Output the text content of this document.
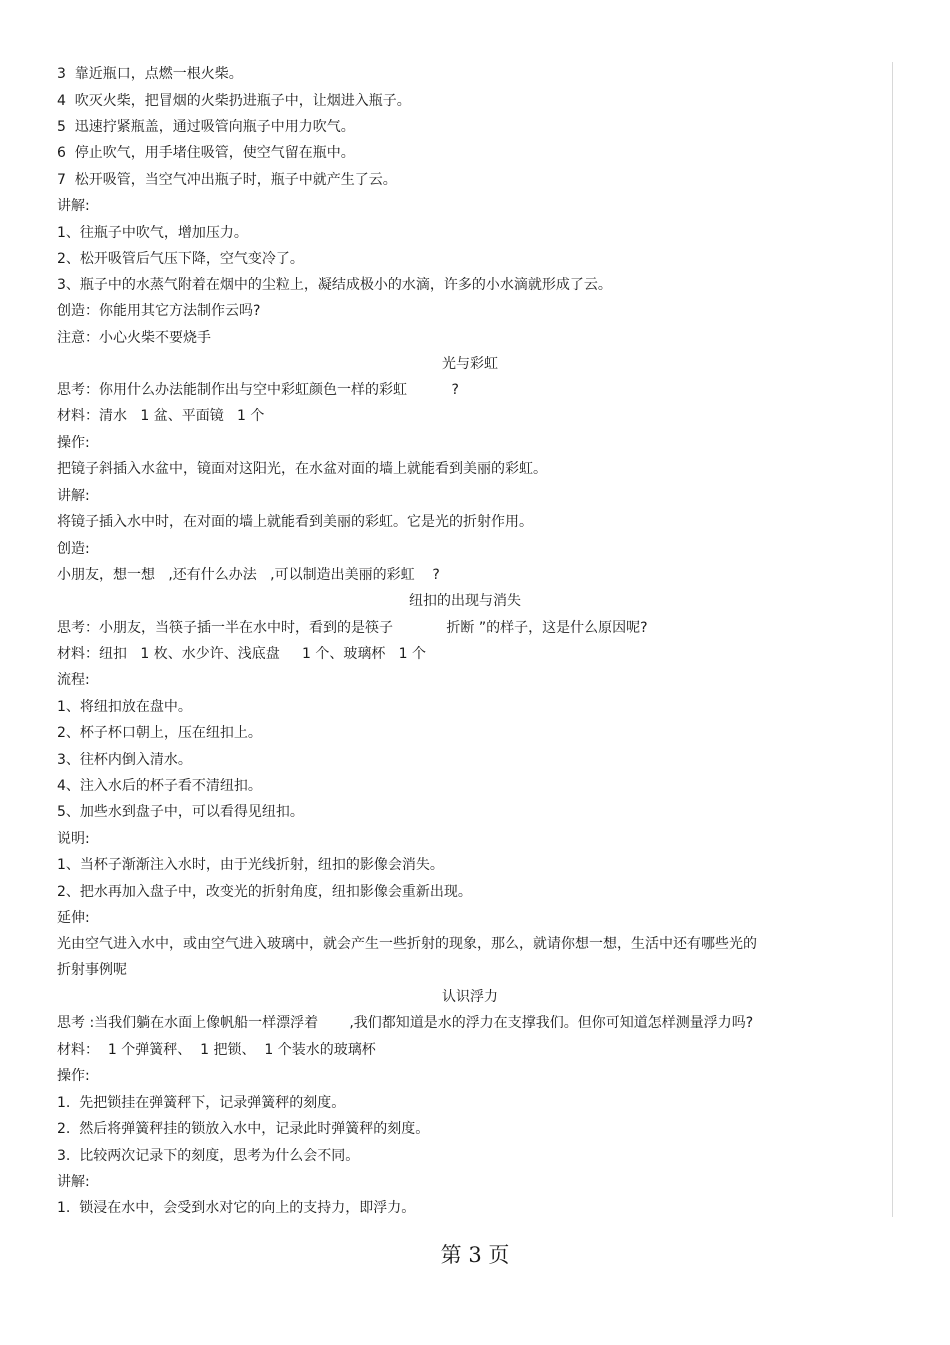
3  靠近瓶口，点燃一根火柴。
4  吹灭火柴，把冒烟的火柴扔进瓶子中，让烟进入瓶子。
5  迅速拧紧瓶盖，通过吸管向瓶子中用力吹气。
6  停止吹气，用手堵住吸管，使空气留在瓶中。
7  松开吸管，当空气冲出瓶子时，瓶子中就产生了云。
讲解:
1、往瓶子中吹气，增加压力。
2、松开吸管后气压下降，空气变冷了。
3、瓶子中的水蒸气附着在烟中的尘粒上，凝结成极小的水滴，许多的小水滴就形成了云。
创造：你能用其它方法制作云吗?
注意：小心火柴不要烧手
光与彩虹
思考：你用什么办法能制作出与空中彩虹颜色一样的彩虹          ?
材料：清水   1 盆、平面镜   1 个
操作:
把镜子斜插入水盆中，镜面对这阳光，在水盆对面的墙上就能看到美丽的彩虹。
讲解:
将镜子插入水中时，在对面的墙上就能看到美丽的彩虹。它是光的折射作用。
创造:
小朋友，想一想   ,还有什么办法   ,可以制造出美丽的彩虹    ?
纽扣的出现与消失
思考：小朋友，当筷子插一半在水中时，看到的是筷子            折断 ”的样子，这是什么原因呢?
材料：纽扣   1 枚、水少许、浅底盘     1 个、玻璃杯   1 个
流程:
1、将纽扣放在盘中。
2、杯子杯口朝上，压在纽扣上。
3、往杯内倒入清水。
4、注入水后的杯子看不清纽扣。
5、加些水到盘子中，可以看得见纽扣。
说明:
1、当杯子渐渐注入水时，由于光线折射，纽扣的影像会消失。
2、把水再加入盘子中，改变光的折射角度，纽扣影像会重新出现。
延伸:
光由空气进入水中，或由空气进入玻璃中，就会产生一些折射的现象，那么，就请你想一想，生活中还有哪些光的
折射事例呢
认识浮力
思考 :当我们躺在水面上像帆船一样漂浮着       ,我们都知道是水的浮力在支撑我们。但你可知道怎样测量浮力吗?
材料：  1 个弹簧秤、  1 把锁、  1 个装水的玻璃杯
操作:
1.  先把锁挂在弹簧秤下，记录弹簧秤的刻度。
2.  然后将弹簧秤挂的锁放入水中，记录此时弹簧秤的刻度。
3.  比较两次记录下的刻度，思考为什么会不同。
讲解:
1.  锁浸在水中，会受到水对它的向上的支持力，即浮力。
第 3 页
